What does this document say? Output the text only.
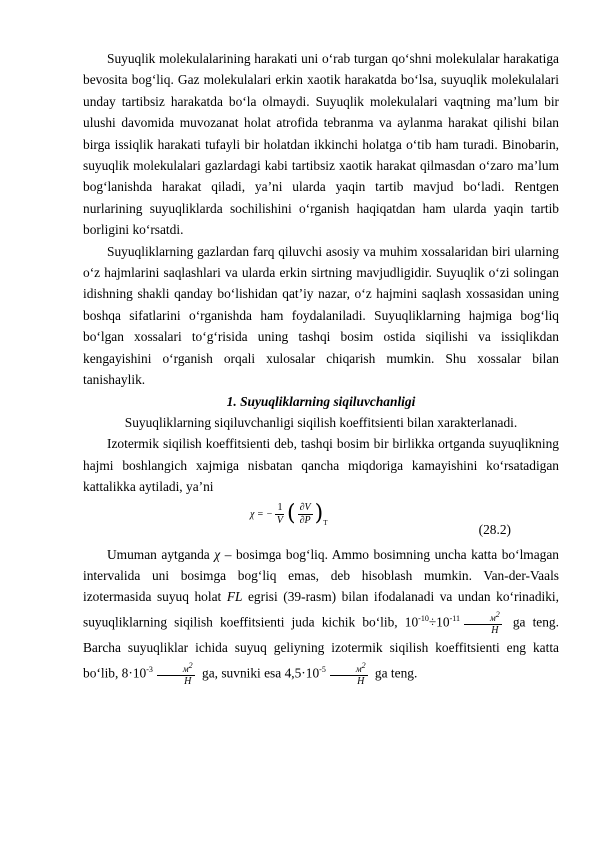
Suyuqlik molekulalarining harakati uni o‘rab turgan qo‘shni molekulalar harakatiga bevosita bog‘liq. Gaz molekulalari erkin xaotik harakatda bo‘lsa, suyuqlik molekulalari unday tartibsiz harakatda bo‘la olmaydi. Suyuqlik molekulalari vaqtning ma’lum bir ulushi davomida muvozanat holat atrofida tebranma va aylanma harakat qilishi bilan birga issiqlik harakati tufayli bir holatdan ikkinchi holatga o‘tib ham turadi. Binobarin, suyuqlik molekulalari gazlardagi kabi tartibsiz xaotik harakat qilmasdan o‘zaro ma’lum bog‘lanishda harakat qiladi, ya’ni ularda yaqin tartib mavjud bo‘ladi. Rentgen nurlarining suyuqliklarda sochilishini o‘rganish haqiqatdan ham ularda yaqin tartib borligini ko‘rsatdi.

Suyuqliklarning gazlardan farq qiluvchi asosiy va muhim xossalaridan biri ularning o‘z hajmlarini saqlashlari va ularda erkin sirtning mavjudligidir. Suyuqlik o‘zi solingan idishning shakli qanday bo‘lishidan qat’iy nazar, o‘z hajmini saqlash xossasidan uning boshqa sifatlarini o‘rganishda ham foydalaniladi. Suyuqliklarning hajmiga bog‘liq bo‘lgan xossalari to‘g‘risida uning tashqi bosim ostida siqilishi va issiqlikdan kengayishini o‘rganish orqali xulosalar chiqarish mumkin. Shu xossalar bilan tanishaylik.

1. Suyuqliklarning siqiluvchanligi

Suyuqliklarning siqiluvchanligi siqilish koeffitsienti bilan xarakterlanadi.

Izotermik siqilish koeffitsienti deb, tashqi bosim bir birlikka ortganda suyuqlikning hajmi boshlangich xajmiga nisbatan qancha miqdoriga kamayishini ko‘rsatadigan kattalikka aytiladi, ya’ni

χ = − $\frac{1}{V}$ ( $\frac{\partial V}{\partial P} )_T$	(28.2)

Umuman aytganda χ – bosimga bog‘liq. Ammo bosimning uncha katta bo‘lmagan intervalida uni bosimga bog‘liq emas, deb hisoblash mumkin. Van-der-Vaals izotermasida suyuq holat FL egrisi (39-rasm) bilan ifodalanadi va undan ko‘rinadiki, suyuqliklarning siqilish koeffitsienti juda kichik bo‘lib, $10^{-10}\div 10^{-11} \frac{м^2}{Н}$ ga teng. Barcha suyuqliklar ichida suyuq geliyning izotermik siqilish koeffitsienti eng katta bo‘lib, $8\cdot 10^{-3} \frac{м^2}{Н}$ ga, suvniki esa $4,5\cdot 10^{-5} \frac{м^2}{Н}$ ga teng.
